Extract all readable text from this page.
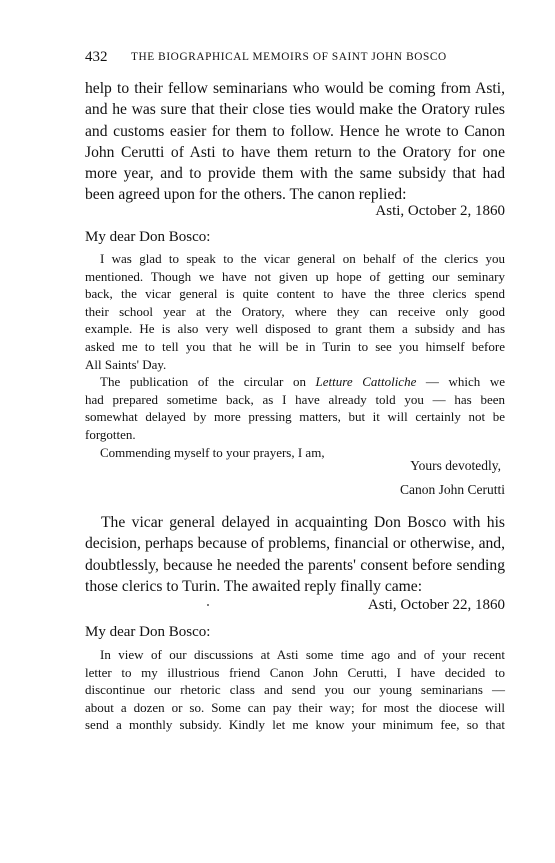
432 THE BIOGRAPHICAL MEMOIRS OF SAINT JOHN BOSCO
help to their fellow seminarians who would be coming from Asti,
and he was sure that their close ties would make the Oratory rules
and customs easier for them to follow. Hence he wrote to Canon
John Cerutti of Asti to have them return to the Oratory for one
more year, and to provide them with the same subsidy that had
been agreed upon for the others. The canon replied:
Asti, October 2, 1860
My dear Don Bosco:
I was glad to speak to the vicar general on behalf of the clerics you
mentioned. Though we have not given up hope of getting our seminary
back, the vicar general is quite content to have the three clerics spend
their school year at the Oratory, where they can receive only good
example. He is also very well disposed to grant them a subsidy and has
asked me to tell you that he will be in Turin to see you himself before
All Saints' Day.
The publication of the circular on Letture Cattoliche — which we
had prepared sometime back, as I have already told you — has been
somewhat delayed by more pressing matters, but it will certainly not be
forgotten.
Commending myself to your prayers, I am,
Yours devotedly,
Canon John Cerutti
The vicar general delayed in acquainting Don Bosco with his
decision, perhaps because of problems, financial or otherwise, and,
doubtlessly, because he needed the parents' consent before sending
those clerics to Turin. The awaited reply finally came:
Asti, October 22, 1860
My dear Don Bosco:
In view of our discussions at Asti some time ago and of your recent
letter to my illustrious friend Canon John Cerutti, I have decided to
discontinue our rhetoric class and send you our young seminarians —
about a dozen or so. Some can pay their way; for most the diocese will
send a monthly subsidy. Kindly let me know your minimum fee, so that
